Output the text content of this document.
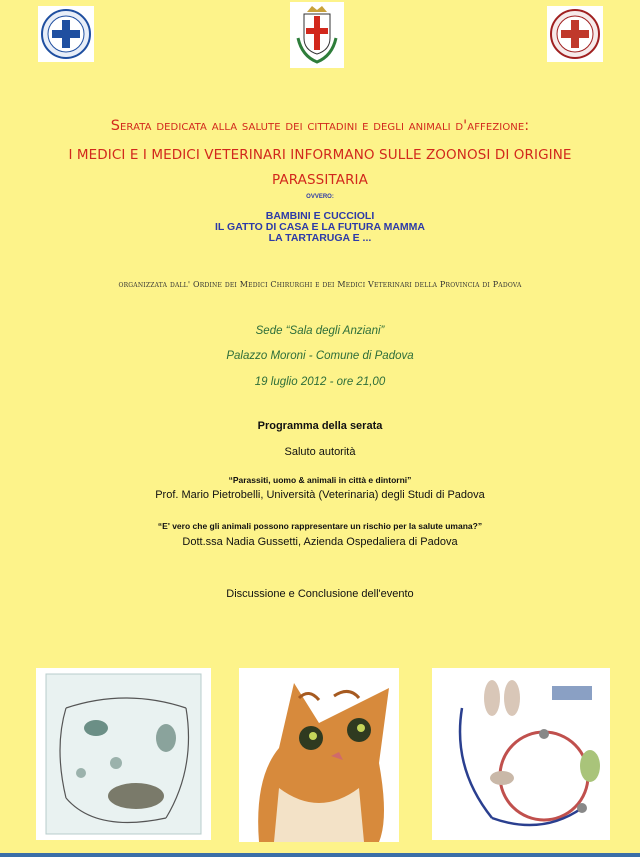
Serata dedicata alla salute dei cittadini e degli animali d'affezione:
I MEDICI E I MEDICI VETERINARI INFORMANO SULLE ZOONOSI DI ORIGINE
PARASSITARIA
OVVERO:
BAMBINI E CUCCIOLI
IL GATTO DI CASA E LA FUTURA MAMMA
LA TARTARUGA E ...
organizzata dall' Ordine dei Medici Chirurghi e dei Medici Veterinari della Provincia di Padova
Sede “Sala degli Anziani”
Palazzo Moroni - Comune di Padova
19 luglio 2012 - ore 21,00
Programma della serata
Saluto autorità
“Parassiti, uomo & animali in città e dintorni”
Prof. Mario Pietrobelli, Università (Veterinaria) degli Studi di Padova
“E' vero che gli animali possono rappresentare un rischio per la salute umana?”
Dott.ssa Nadia Gussetti, Azienda Ospedaliera di Padova
Discussione e Conclusione dell'evento
